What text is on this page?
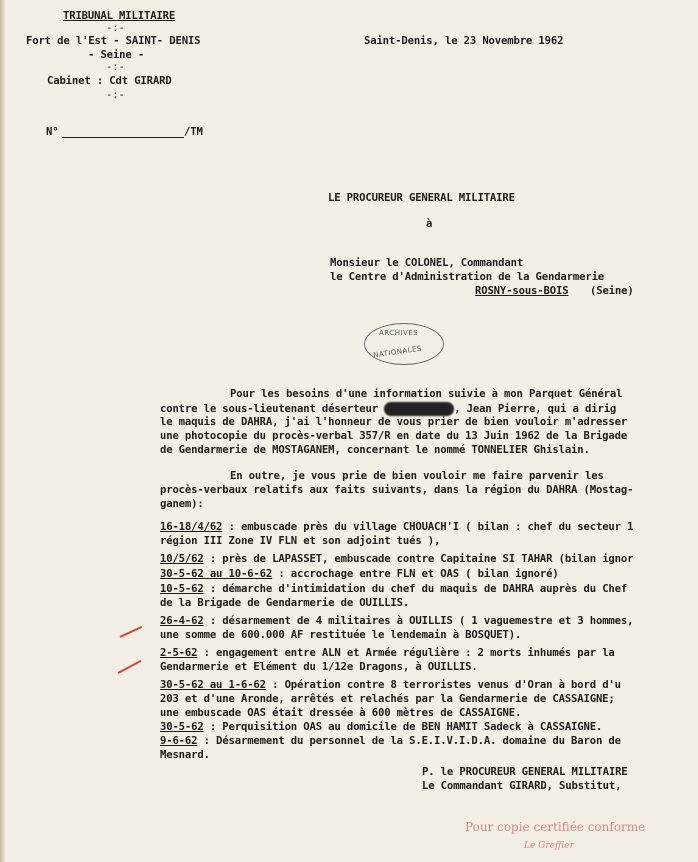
TRIBUNAL MILITAIRE
-:-
Fort de l'Est - SAINT- DENIS
- Seine -
-:-
Cabinet : Cdt GIRARD
-:-
N°	/TM
Saint-Denis, le 23 Novembre 1962
LE PROCUREUR GENERAL MILITAIRE
à
Monsieur le COLONEL, Commandant
le Centre d'Administration de la Gendarmerie
ROSNY-sous-BOIS (Seine)
ARCHIVES
NATIONALES
Pour les besoins d'une information suivie à mon Parquet Général
contre le sous-lieutenant déserteur	, Jean Pierre, qui a dirig
le maquis de DAHRA, j'ai l'honneur de vous prier de bien vouloir m'adresser
une photocopie du procès-verbal 357/R en date du 13 Juin 1962 de la Brigade
de Gendarmerie de MOSTAGANEM, concernant le nommé TONNELIER Ghislain.
En outre, je vous prie de bien vouloir me faire parvenir les
procès-verbaux relatifs aux faits suivants, dans la région du DAHRA (Mostag-
ganem):
16-18/4/62 : embuscade près du village CHOUACH'I ( bilan : chef du secteur 1
région III Zone IV FLN et son adjoint tués ),
10/5/62 : près de LAPASSET, embuscade contre Capitaine SI TAHAR (bilan ignor
30-5-62 au 10-6-62 : accrochage entre FLN et OAS ( bilan ignoré)
10-5-62 : démarche d'intimidation du chef du maquis de DAHRA auprès du Chef
de la Brigade de Gendarmerie de OUILLIS.
26-4-62 : désarmement de 4 militaires à OUILLIS ( 1 vaguemestre et 3 hommes,
une somme de 600.000 AF restituée le lendemain à BOSQUET).
2-5-62 : engagement entre ALN et Armée régulière : 2 morts inhumés par la
Gendarmerie et Elément du 1/12e Dragons, à OUILLIS.
30-5-62 au 1-6-62 : Opération contre 8 terroristes venus d'Oran à bord d'u
203 et d'une Aronde, arrêtés et relachés par la Gendarmerie de CASSAIGNE;
une embuscade OAS était dressée à 600 mètres de CASSAIGNE.
30-5-62 : Perquisition OAS au domicile de BEN HAMIT Sadeck à CASSAIGNE.
9-6-62 : Désarmement du personnel de la S.E.I.V.I.D.A. domaine du Baron de
Mesnard.
P. le PROCUREUR GENERAL MILITAIRE
Le Commandant GIRARD, Substitut,
Pour copie certifiée conforme
Le Greffier
